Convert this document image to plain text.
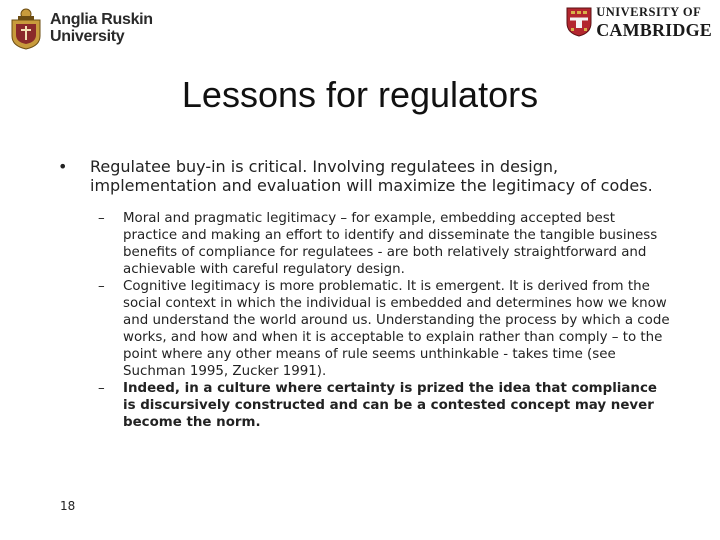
Anglia Ruskin
University
UNIVERSITY OF
CAMBRIDGE
Lessons for regulators
•	Regulatee buy-in is critical. Involving regulatees in design, implementation and evaluation will maximize the legitimacy of codes.
–	Moral and pragmatic legitimacy – for example, embedding accepted best practice and making an effort to identify and disseminate the tangible business benefits of compliance for regulatees - are both relatively straightforward and achievable with careful regulatory design.
–	Cognitive legitimacy is more problematic. It is emergent. It is derived from the social context in which the individual is embedded and determines how we know and understand the world around us. Understanding the process by which a code works, and how and when it is acceptable to explain rather than comply – to the point where any other means of rule seems unthinkable - takes time (see Suchman 1995, Zucker 1991).
–	Indeed, in a culture where certainty is prized the idea that compliance is discursively constructed and can be a contested concept may never become the norm.
18
